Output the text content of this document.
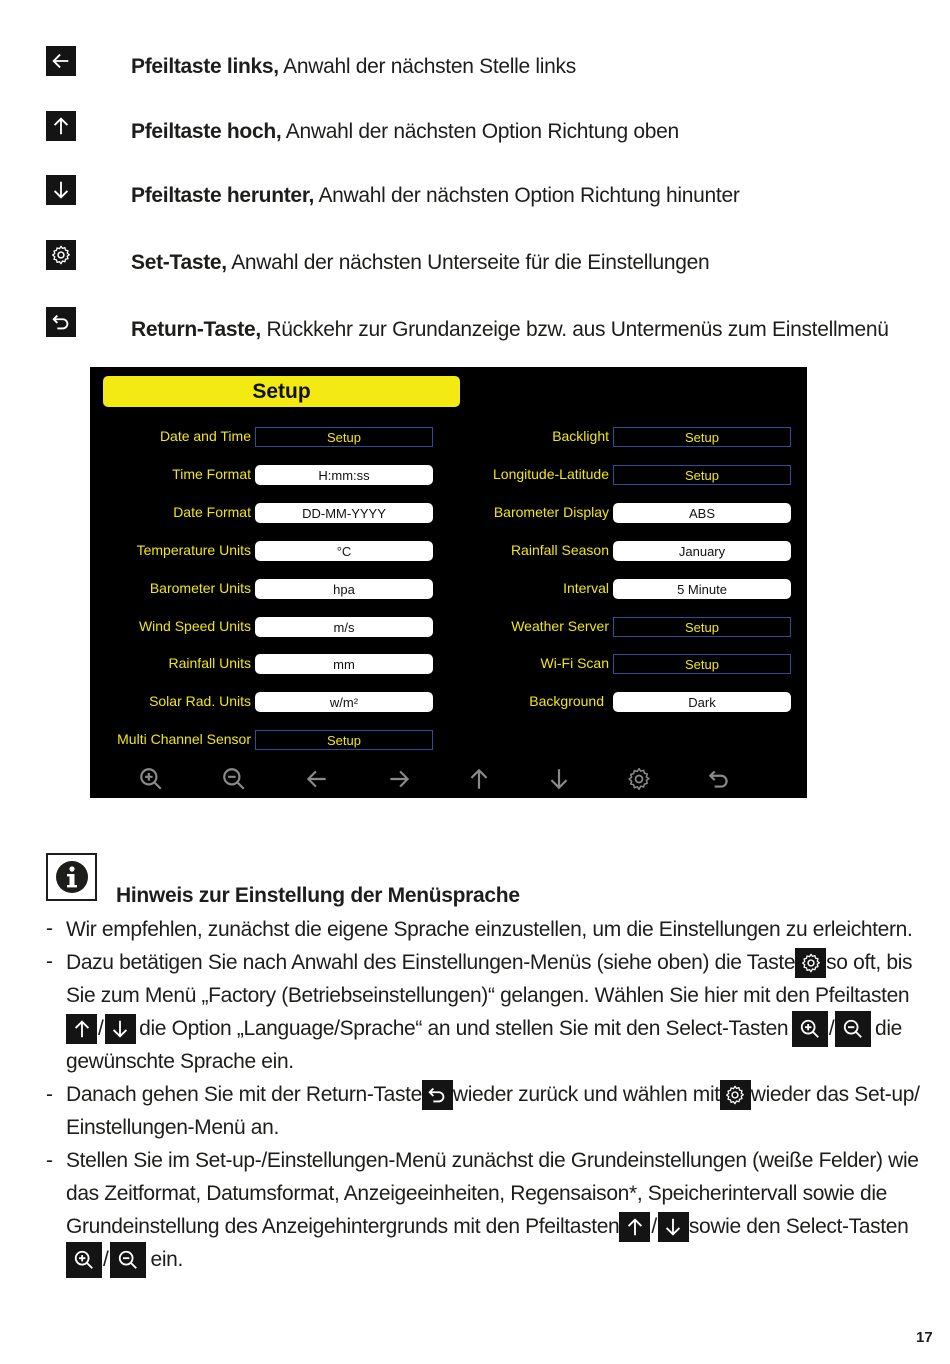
Pfeiltaste links, Anwahl der nächsten Stelle links
Pfeiltaste hoch, Anwahl der nächsten Option Richtung oben
Pfeiltaste herunter, Anwahl der nächsten Option Richtung hinunter
Set-Taste, Anwahl der nächsten Unterseite für die Einstellungen
Return-Taste, Rückkehr zur Grundanzeige bzw. aus Untermenüs zum Einstellmenü
Setup
Date and Time	Setup
Time Format	H:mm:ss
Date Format	DD-MM-YYYY
Temperature Units	°C
Barometer Units	hpa
Wind Speed Units	m/s
Rainfall Units	mm
Solar Rad. Units	w/m²
Multi Channel Sensor	Setup
Backlight	Setup
Longitude-Latitude	Setup
Barometer Display	ABS
Rainfall Season	January
Interval	5 Minute
Weather Server	Setup
Wi-Fi Scan	Setup
Background	Dark
Hinweis zur Einstellung der Menüsprache
- Wir empfehlen, zunächst die eigene Sprache einzustellen, um die Einstellungen zu erleichtern.
- Dazu betätigen Sie nach Anwahl des Einstellungen-Menüs (siehe oben) die Taste so oft, bis
Sie zum Menü „Factory (Betriebseinstellungen)“ gelangen. Wählen Sie hier mit den Pfeiltasten
/ die Option „Language/Sprache“ an und stellen Sie mit den Select-Tasten / die
gewünschte Sprache ein.
- Danach gehen Sie mit der Return-Taste wieder zurück und wählen mit wieder das Set-up/
Einstellungen-Menü an.
- Stellen Sie im Set-up-/Einstellungen-Menü zunächst die Grundeinstellungen (weiße Felder) wie
das Zeitformat, Datumsformat, Anzeigeeinheiten, Regensaison*, Speicherintervall sowie die
Grundeinstellung des Anzeigehintergrunds mit den Pfeiltasten / sowie den Select-Tasten
/ ein.
17
